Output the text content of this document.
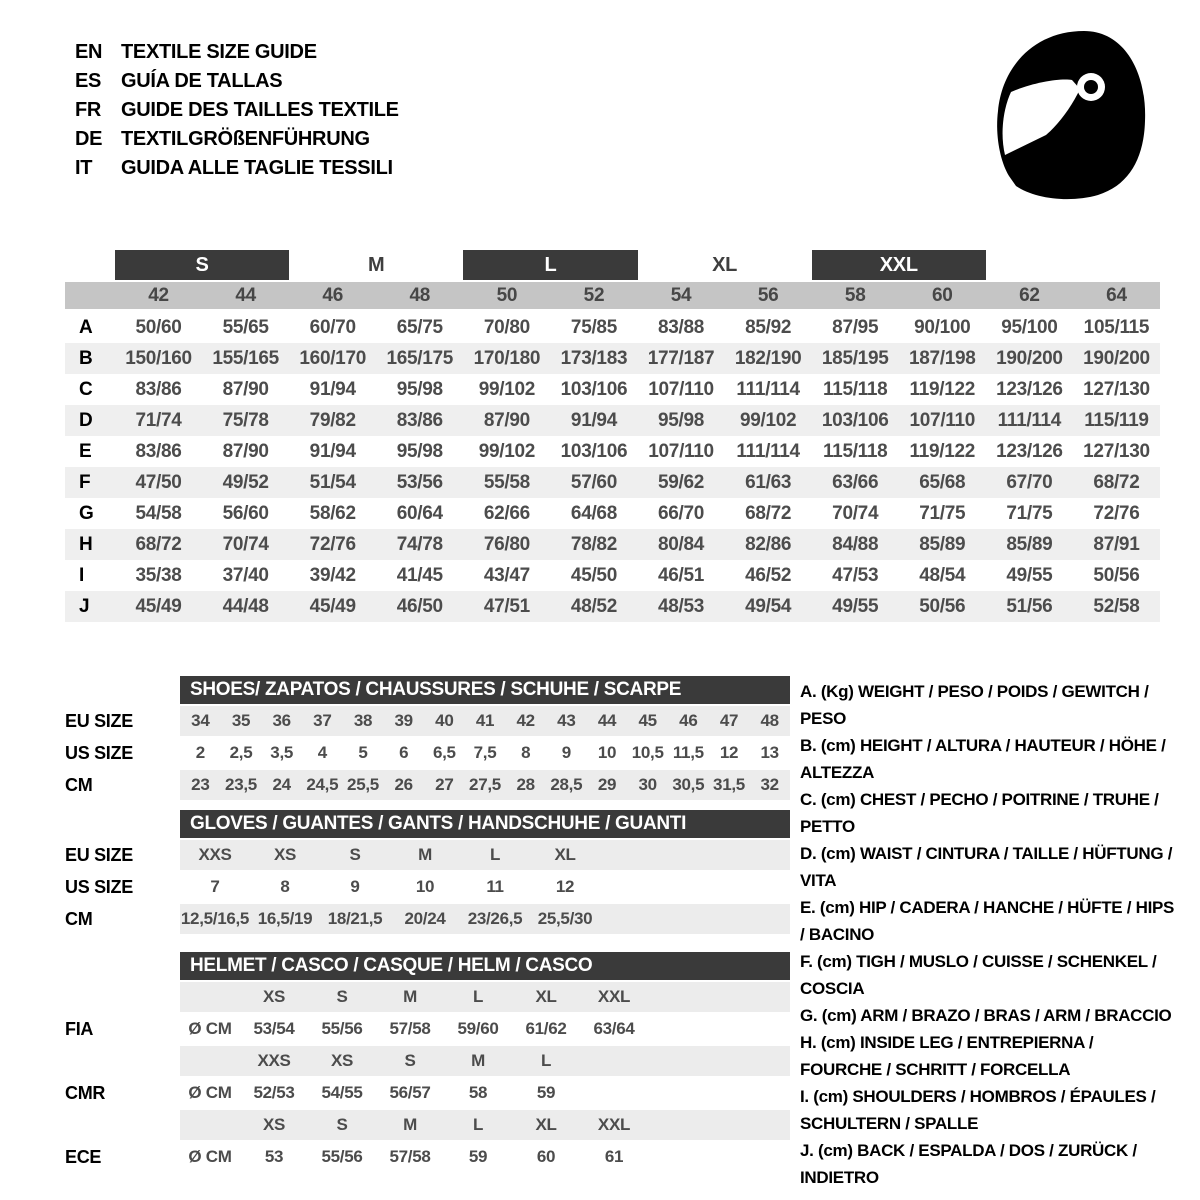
EN TEXTILE SIZE GUIDE
ES GUÍA DE TALLAS
FR GUIDE DES TAILLES TEXTILE
DE TEXTILGRÖßENFÜHRUNG
IT GUIDA ALLE TAGLIE TESSILI
S	M	L	XL	XXL
42	44	46	48	50	52	54	56	58	60	62	64
A	50/60	55/65	60/70	65/75	70/80	75/85	83/88	85/92	87/95	90/100	95/100	105/115
B	150/160	155/165	160/170	165/175	170/180	173/183	177/187	182/190	185/195	187/198	190/200	190/200
C	83/86	87/90	91/94	95/98	99/102	103/106	107/110	111/114	115/118	119/122	123/126	127/130
D	71/74	75/78	79/82	83/86	87/90	91/94	95/98	99/102	103/106	107/110	111/114	115/119
E	83/86	87/90	91/94	95/98	99/102	103/106	107/110	111/114	115/118	119/122	123/126	127/130
F	47/50	49/52	51/54	53/56	55/58	57/60	59/62	61/63	63/66	65/68	67/70	68/72
G	54/58	56/60	58/62	60/64	62/66	64/68	66/70	68/72	70/74	71/75	71/75	72/76
H	68/72	70/74	72/76	74/78	76/80	78/82	80/84	82/86	84/88	85/89	85/89	87/91
I	35/38	37/40	39/42	41/45	43/47	45/50	46/51	46/52	47/53	48/54	49/55	50/56
J	45/49	44/48	45/49	46/50	47/51	48/52	48/53	49/54	49/55	50/56	51/56	52/58
SHOES/ ZAPATOS / CHAUSSURES / SCHUHE / SCARPE
EU SIZE	34	35	36	37	38	39	40	41	42	43	44	45	46	47	48
US SIZE	2	2,5	3,5	4	5	6	6,5	7,5	8	9	10 10,5 11,5 12	13
CM	23 23,5 24 24,5 25,5 26	27 27,5 28 28,5 29	30 30,5 31,5 32
GLOVES / GUANTES / GANTS / HANDSCHUHE / GUANTI
EU SIZE	XXS	XS	S	M	L	XL
US SIZE	7	8	9	10	11	12
CM	12,5/16,5 16,5/19 18/21,5	20/24	23/26,5 25,5/30
HELMET / CASCO / CASQUE / HELM / CASCO
XS	S	M	L	XL	XXL
FIA	Ø CM	53/54	55/56	57/58	59/60	61/62	63/64
XXS	XS	S	M	L
CMR	Ø CM	52/53	54/55	56/57	58	59
XS	S	M	L	XL	XXL
ECE	Ø CM	53	55/56	57/58	59	60	61
A. (Kg) WEIGHT / PESO / POIDS / GEWITCH / PESO
B. (cm) HEIGHT / ALTURA / HAUTEUR / HÖHE / ALTEZZA
C. (cm) CHEST / PECHO / POITRINE / TRUHE / PETTO
D. (cm) WAIST / CINTURA / TAILLE / HÜFTUNG / VITA
E. (cm) HIP / CADERA / HANCHE / HÜFTE / HIPS / BACINO
F. (cm) TIGH / MUSLO / CUISSE / SCHENKEL / COSCIA
G. (cm) ARM / BRAZO / BRAS / ARM / BRACCIO
H. (cm) INSIDE LEG / ENTREPIERNA / FOURCHE / SCHRITT / FORCELLA
I. (cm) SHOULDERS / HOMBROS / ÉPAULES / SCHULTERN / SPALLE
J. (cm) BACK / ESPALDA / DOS / ZURÜCK / INDIETRO
